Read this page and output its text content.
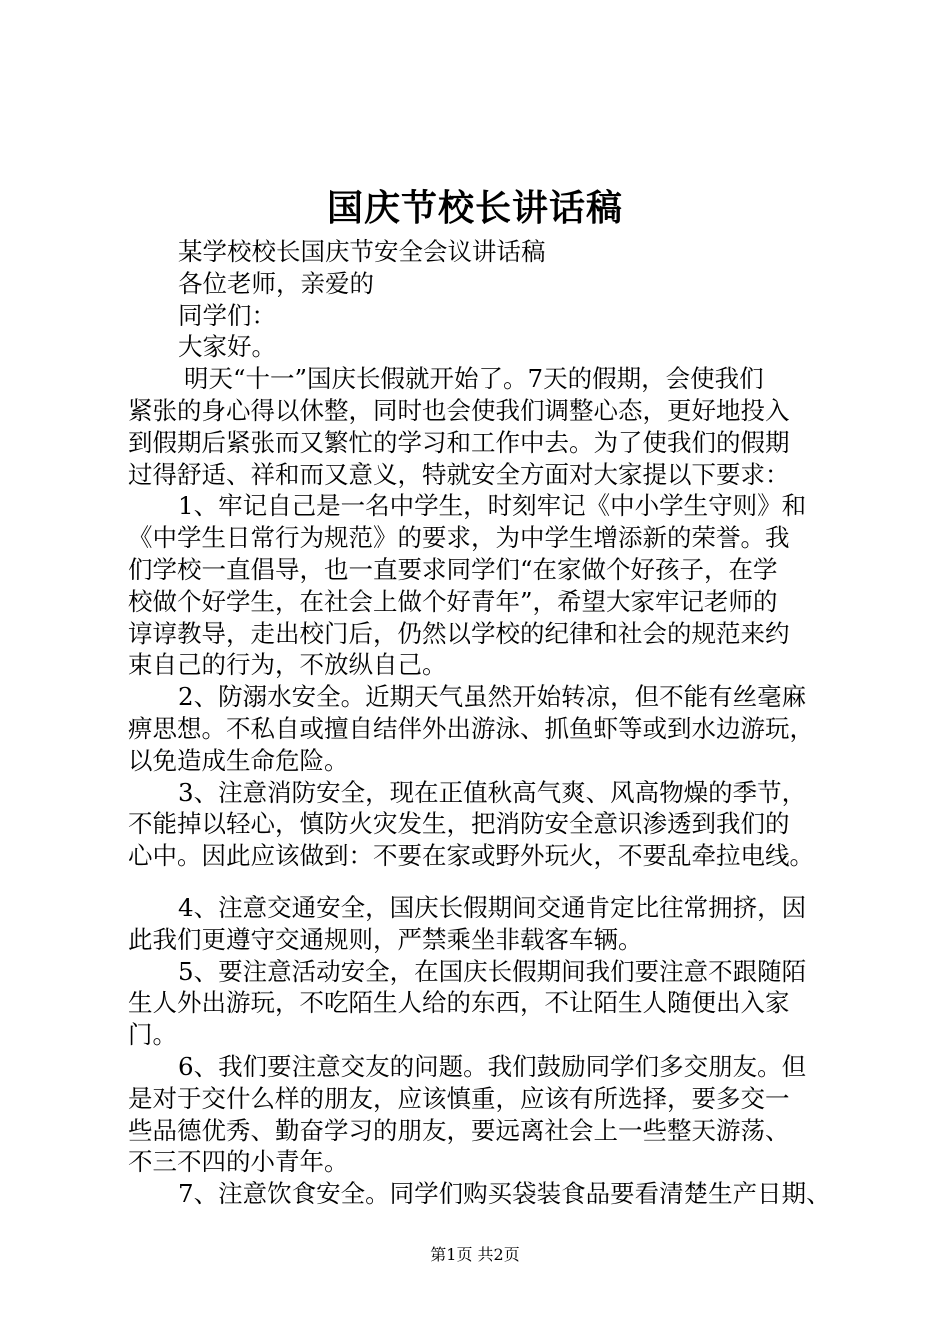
国庆节校长讲话稿
某学校校长国庆节安全会议讲话稿
各位老师，亲爱的
同学们：
大家好。
明天“十一”国庆长假就开始了。7天的假期，会使我们
紧张的身心得以休整，同时也会使我们调整心态，更好地投入
到假期后紧张而又繁忙的学习和工作中去。为了使我们的假期
过得舒适、祥和而又意义，特就安全方面对大家提以下要求：
1、牢记自己是一名中学生，时刻牢记《中小学生守则》和
《中学生日常行为规范》的要求，为中学生增添新的荣誉。我
们学校一直倡导，也一直要求同学们“在家做个好孩子，在学
校做个好学生，在社会上做个好青年”，希望大家牢记老师的
谆谆教导，走出校门后，仍然以学校的纪律和社会的规范来约
束自己的行为，不放纵自己。
2、防溺水安全。近期天气虽然开始转凉，但不能有丝毫麻
痹思想。不私自或擅自结伴外出游泳、抓鱼虾等或到水边游玩，
以免造成生命危险。
3、注意消防安全，现在正值秋高气爽、风高物燥的季节，
不能掉以轻心，慎防火灾发生，把消防安全意识渗透到我们的
心中。因此应该做到：不要在家或野外玩火，不要乱牵拉电线。
4、注意交通安全，国庆长假期间交通肯定比往常拥挤，因
此我们更遵守交通规则，严禁乘坐非载客车辆。
5、要注意活动安全，在国庆长假期间我们要注意不跟随陌
生人外出游玩，不吃陌生人给的东西，不让陌生人随便出入家
门。
6、我们要注意交友的问题。我们鼓励同学们多交朋友。但
是对于交什么样的朋友，应该慎重，应该有所选择，要多交一
些品德优秀、勤奋学习的朋友，要远离社会上一些整天游荡、
不三不四的小青年。
7、注意饮食安全。同学们购买袋装食品要看清楚生产日期、
第1页 共2页
